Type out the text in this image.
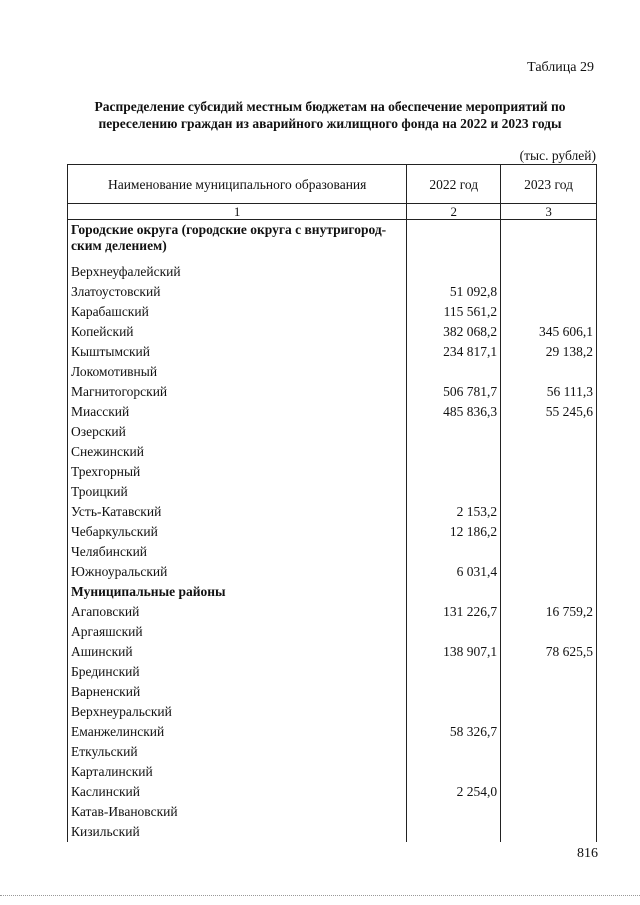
Таблица 29
Распределение субсидий местным бюджетам на обеспечение мероприятий по переселению граждан из аварийного жилищного фонда на 2022 и 2023 годы
(тыс. рублей)
Наименование муниципального образования	2022 год	2023 год
1	2	3
Городские округа (городские округа с внутригородским делением)		
Верхнеуфалейский		
Златоустовский	51 092,8	
Карабашский	115 561,2	
Копейский	382 068,2	345 606,1
Кыштымский	234 817,1	29 138,2
Локомотивный		
Магнитогорский	506 781,7	56 111,3
Миасский	485 836,3	55 245,6
Озерский		
Снежинский		
Трехгорный		
Троицкий		
Усть-Катавский	2 153,2	
Чебаркульский	12 186,2	
Челябинский		
Южноуральский	6 031,4	
Муниципальные районы		
Агаповский	131 226,7	16 759,2
Аргаяшский		
Ашинский	138 907,1	78 625,5
Брединский		
Варненский		
Верхнеуральский		
Еманжелинский	58 326,7	
Еткульский		
Карталинский		
Каслинский	2 254,0	
Катав-Ивановский		
Кизильский		
816
